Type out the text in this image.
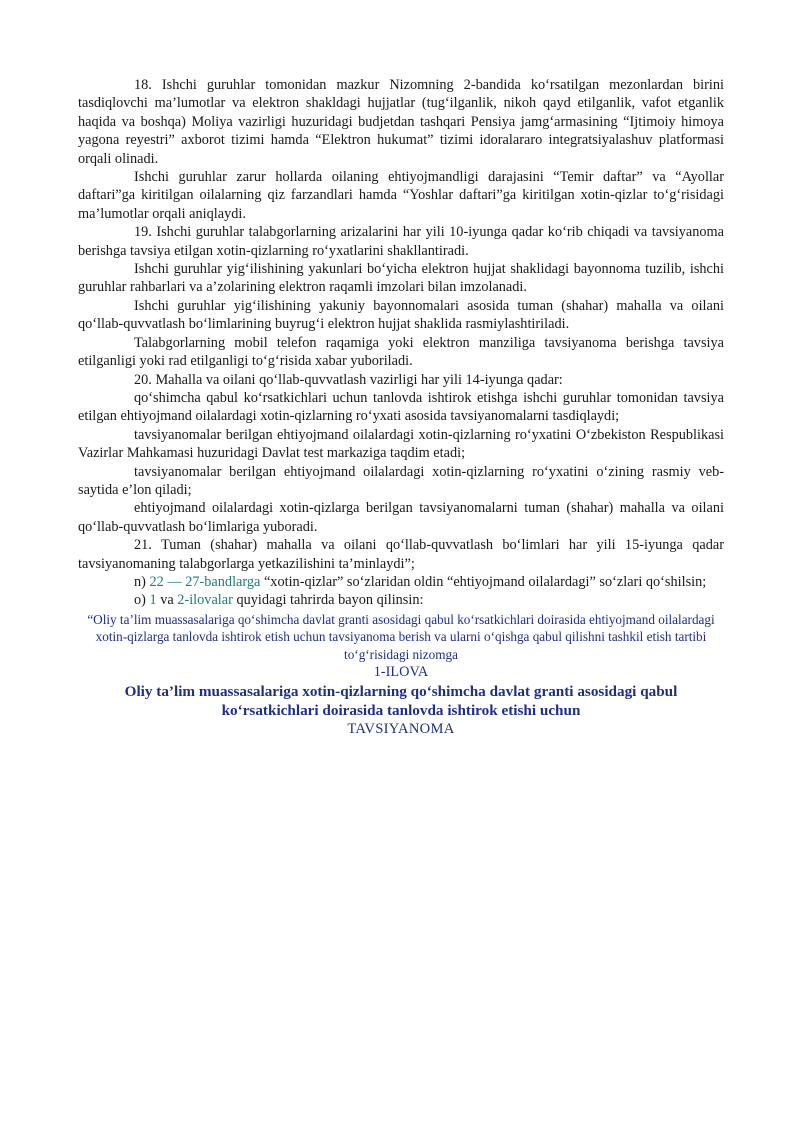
18. Ishchi guruhlar tomonidan mazkur Nizomning 2-bandida ko‘rsatilgan mezonlardan birini tasdiqlovchi ma’lumotlar va elektron shakldagi hujjatlar (tug‘ilganlik, nikoh qayd etilganlik, vafot etganlik haqida va boshqa) Moliya vazirligi huzuridagi budjetdan tashqari Pensiya jamg‘armasining “Ijtimoiy himoya yagona reyestri” axborot tizimi hamda “Elektron hukumat” tizimi idoralararo integratsiyalashuv platformasi orqali olinadi.

Ishchi guruhlar zarur hollarda oilaning ehtiyojmandligi darajasini “Temir daftar” va “Ayollar daftari”ga kiritilgan oilalarning qiz farzandlari hamda “Yoshlar daftari”ga kiritilgan xotin-qizlar to‘g‘risidagi ma’lumotlar orqali aniqlaydi.

19. Ishchi guruhlar talabgorlarning arizalarini har yili 10-iyunga qadar ko‘rib chiqadi va tavsiyanoma berishga tavsiya etilgan xotin-qizlarning ro‘yxatlarini shakllantiradi.

Ishchi guruhlar yig‘ilishining yakunlari bo‘yicha elektron hujjat shaklidagi bayonnoma tuzilib, ishchi guruhlar rahbarlari va a’zolarining elektron raqamli imzolari bilan imzolanadi.

Ishchi guruhlar yig‘ilishining yakuniy bayonnomalari asosida tuman (shahar) mahalla va oilani qo‘llab-quvvatlash bo‘limlarining buyrug‘i elektron hujjat shaklida rasmiylashtiriladi.

Talabgorlarning mobil telefon raqamiga yoki elektron manziliga tavsiyanoma berishga tavsiya etilganligi yoki rad etilganligi to‘g‘risida xabar yuboriladi.

20. Mahalla va oilani qo‘llab-quvvatlash vazirligi har yili 14-iyunga qadar:

qo‘shimcha qabul ko‘rsatkichlari uchun tanlovda ishtirok etishga ishchi guruhlar tomonidan tavsiya etilgan ehtiyojmand oilalardagi xotin-qizlarning ro‘yxati asosida tavsiyanomalarni tasdiqlaydi;

tavsiyanomalar berilgan ehtiyojmand oilalardagi xotin-qizlarning ro‘yxatini O‘zbekiston Respublikasi Vazirlar Mahkamasi huzuridagi Davlat test markaziga taqdim etadi;

tavsiyanomalar berilgan ehtiyojmand oilalardagi xotin-qizlarning ro‘yxatini o‘zining rasmiy veb-saytida e’lon qiladi;

ehtiyojmand oilalardagi xotin-qizlarga berilgan tavsiyanomalarni tuman (shahar) mahalla va oilani qo‘llab-quvvatlash bo‘limlariga yuboradi.

21. Tuman (shahar) mahalla va oilani qo‘llab-quvvatlash bo‘limlari har yili 15-iyunga qadar tavsiyanomaning talabgorlarga yetkazilishini ta’minlaydi”;

n) 22 — 27-bandlarga “xotin-qizlar” so‘zlaridan oldin “ehtiyojmand oilalardagi” so‘zlari qo‘shilsin;

o) 1 va 2-ilovalar quyidagi tahrirda bayon qilinsin:

“Oliy ta’lim muassasalariga qo‘shimcha davlat granti asosidagi qabul ko‘rsatkichlari doirasida ehtiyojmand oilalardagi xotin-qizlarga tanlovda ishtirok etish uchun tavsiyanoma berish va ularni o‘qishga qabul qilishni tashkil etish tartibi to‘g‘risidagi nizomga

1-ILOVA

Oliy ta’lim muassasalariga xotin-qizlarning qo‘shimcha davlat granti asosidagi qabul ko‘rsatkichlari doirasida tanlovda ishtirok etishi uchun

TAVSIYANOMA
